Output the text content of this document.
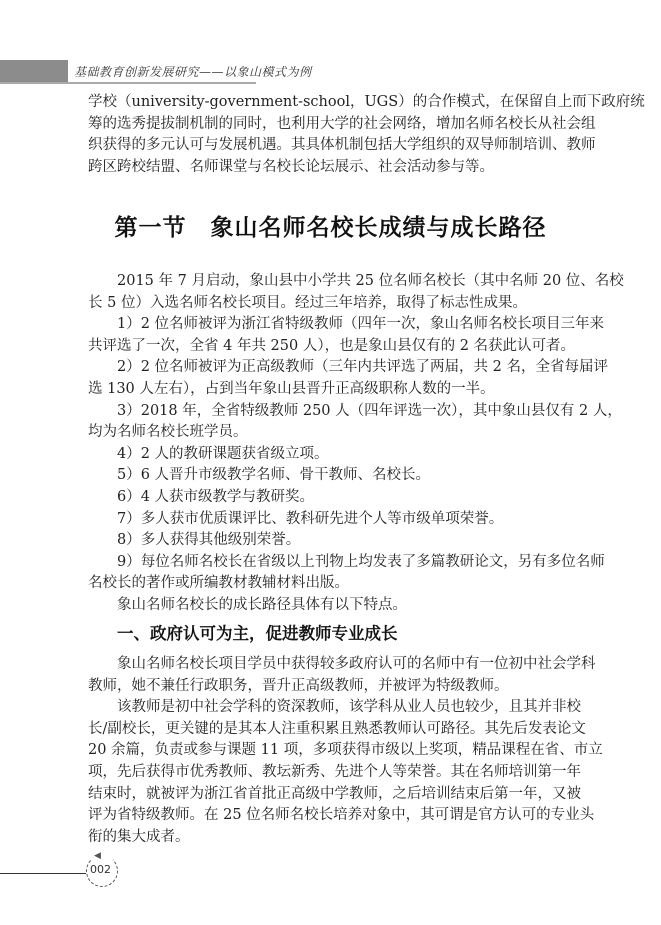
基础教育创新发展研究——以象山模式为例
学校（university-government-school，UGS）的合作模式，在保留自上而下政府统
筹的选秀提拔制机制的同时，也利用大学的社会网络，增加名师名校长从社会组
织获得的多元认可与发展机遇。其具体机制包括大学组织的双导师制培训、教师
跨区跨校结盟、名师课堂与名校长论坛展示、社会活动参与等。
第一节　象山名师名校长成绩与成长路径
2015 年 7 月启动，象山县中小学共 25 位名师名校长（其中名师 20 位、名校
长 5 位）入选名师名校长项目。经过三年培养，取得了标志性成果。
1）2 位名师被评为浙江省特级教师（四年一次，象山名师名校长项目三年来
共评选了一次，全省 4 年共 250 人），也是象山县仅有的 2 名获此认可者。
2）2 位名师被评为正高级教师（三年内共评选了两届，共 2 名，全省每届评
选 130 人左右），占到当年象山县晋升正高级职称人数的一半。
3）2018 年，全省特级教师 250 人（四年评选一次），其中象山县仅有 2 人，
均为名师名校长班学员。
4）2 人的教研课题获省级立项。
5）6 人晋升市级教学名师、骨干教师、名校长。
6）4 人获市级教学与教研奖。
7）多人获市优质课评比、教科研先进个人等市级单项荣誉。
8）多人获得其他级别荣誉。
9）每位名师名校长在省级以上刊物上均发表了多篇教研论文，另有多位名师
名校长的著作或所编教材教辅材料出版。
象山名师名校长的成长路径具体有以下特点。
一、政府认可为主，促进教师专业成长
象山名师名校长项目学员中获得较多政府认可的名师中有一位初中社会学科
教师，她不兼任行政职务，晋升正高级教师，并被评为特级教师。
该教师是初中社会学科的资深教师，该学科从业人员也较少，且其并非校
长/副校长，更关键的是其本人注重积累且熟悉教师认可路径。其先后发表论文
20 余篇，负责或参与课题 11 项，多项获得市级以上奖项，精品课程在省、市立
项，先后获得市优秀教师、教坛新秀、先进个人等荣誉。其在名师培训第一年
结束时，就被评为浙江省首批正高级中学教师，之后培训结束后第一年，又被
评为省特级教师。在 25 位名师名校长培养对象中，其可谓是官方认可的专业头
衔的集大成者。
◀
002
